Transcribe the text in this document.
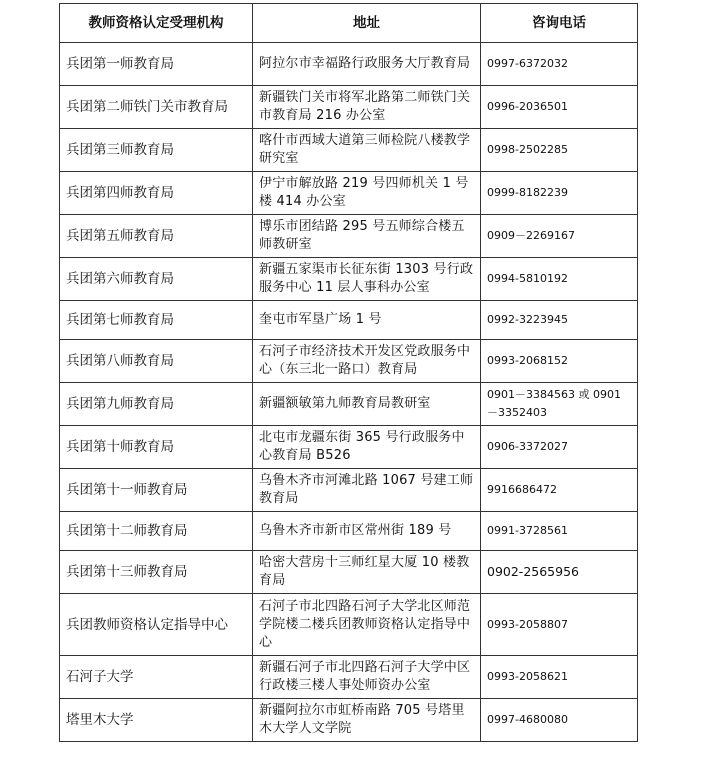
教师资格认定受理机构	地址	咨询电话
兵团第一师教育局	阿拉尔市幸福路行政服务大厅教育局	0997-6372032
兵团第二师铁门关市教育局	新疆铁门关市将军北路第二师铁门关市教育局 216 办公室	0996-2036501
兵团第三师教育局	喀什市西域大道第三师检院八楼教学研究室	0998-2502285
兵团第四师教育局	伊宁市解放路 219 号四师机关 1 号楼 414 办公室	0999-8182239
兵团第五师教育局	博乐市团结路 295 号五师综合楼五师教研室	0909－2269167
兵团第六师教育局	新疆五家渠市长征东街 1303 号行政服务中心 11 层人事科办公室	0994-5810192
兵团第七师教育局	奎屯市军垦广场 1 号	0992-3223945
兵团第八师教育局	石河子市经济技术开发区党政服务中心（东三北一路口）教育局	0993-2068152
兵团第九师教育局	新疆额敏第九师教育局教研室	0901－3384563 或 0901－3352403
兵团第十师教育局	北屯市龙疆东街 365 号行政服务中心教育局 B526	0906-3372027
兵团第十一师教育局	乌鲁木齐市河滩北路 1067 号建工师教育局	9916686472
兵团第十二师教育局	乌鲁木齐市新市区常州街 189 号	0991-3728561
兵团第十三师教育局	哈密大营房十三师红星大厦 10 楼教育局	0902-2565956
兵团教师资格认定指导中心	石河子市北四路石河子大学北区师范学院楼二楼兵团教师资格认定指导中心	0993-2058807
石河子大学	新疆石河子市北四路石河子大学中区行政楼三楼人事处师资办公室	0993-2058621
塔里木大学	新疆阿拉尔市虹桥南路 705 号塔里木大学人文学院	0997-4680080
